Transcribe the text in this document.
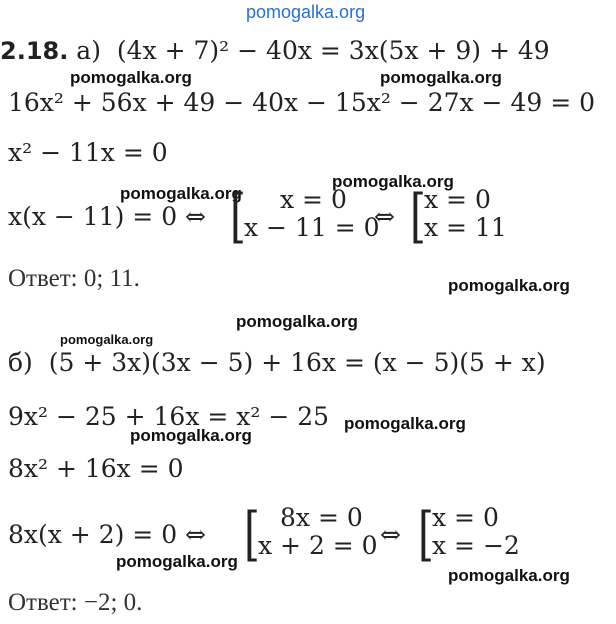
pomogalka.org
2.18. а) (4x + 7)² − 40x = 3x(5x + 9) + 49
pomogalka.org	pomogalka.org
16x² + 56x + 49 − 40x − 15x² − 27x − 49 = 0
x² − 11x = 0
pomogalka.org
pomogalka.org
x(x − 11) = 0 ⇔ [	x = 0
x − 11 = 0
⇔ [
x = 0
x = 11
Ответ: 0; 11.	pomogalka.org
pomogalka.org
pomogalka.org
б) (5 + 3x)(3x − 5) + 16x = (x − 5)(5 + x)
9x² − 25 + 16x = x² − 25 pomogalka.org
pomogalka.org
8x² + 16x = 0
8x(x + 2) = 0 ⇔ [ 8x = 0
x + 2 = 0 ⇔ [
x = 0
x = −2
pomogalka.org
pomogalka.org
Ответ: −2; 0.
